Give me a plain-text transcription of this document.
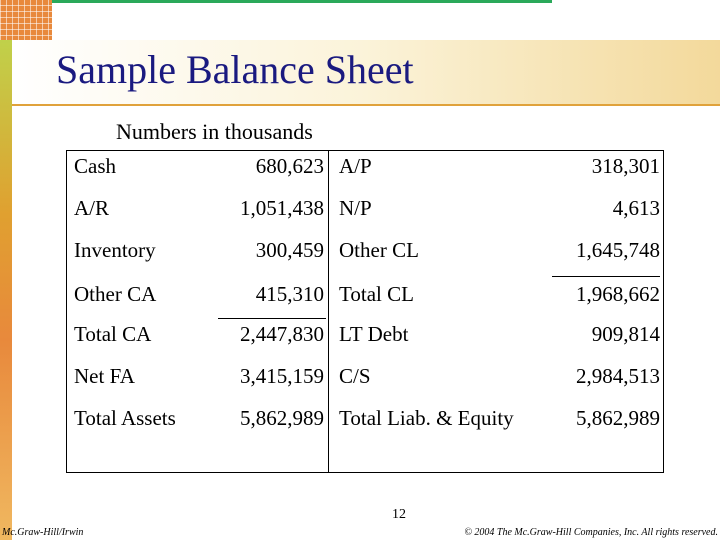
Sample Balance Sheet
Numbers in thousands
Cash	680,623 A/P	318,301
A/R	1,051,438 N/P	4,613
Inventory	300,459 Other CL	1,645,748
Other CA	415,310 Total CL	1,968,662
Total CA	2,447,830 LT Debt	909,814
Net FA	3,415,159 C/S	2,984,513
Total Assets	5,862,989 Total Liab. & Equity	5,862,989
12
Mc.Graw-Hill/Irwin	© 2004 The Mc.Graw-Hill Companies, Inc. All rights reserved.
